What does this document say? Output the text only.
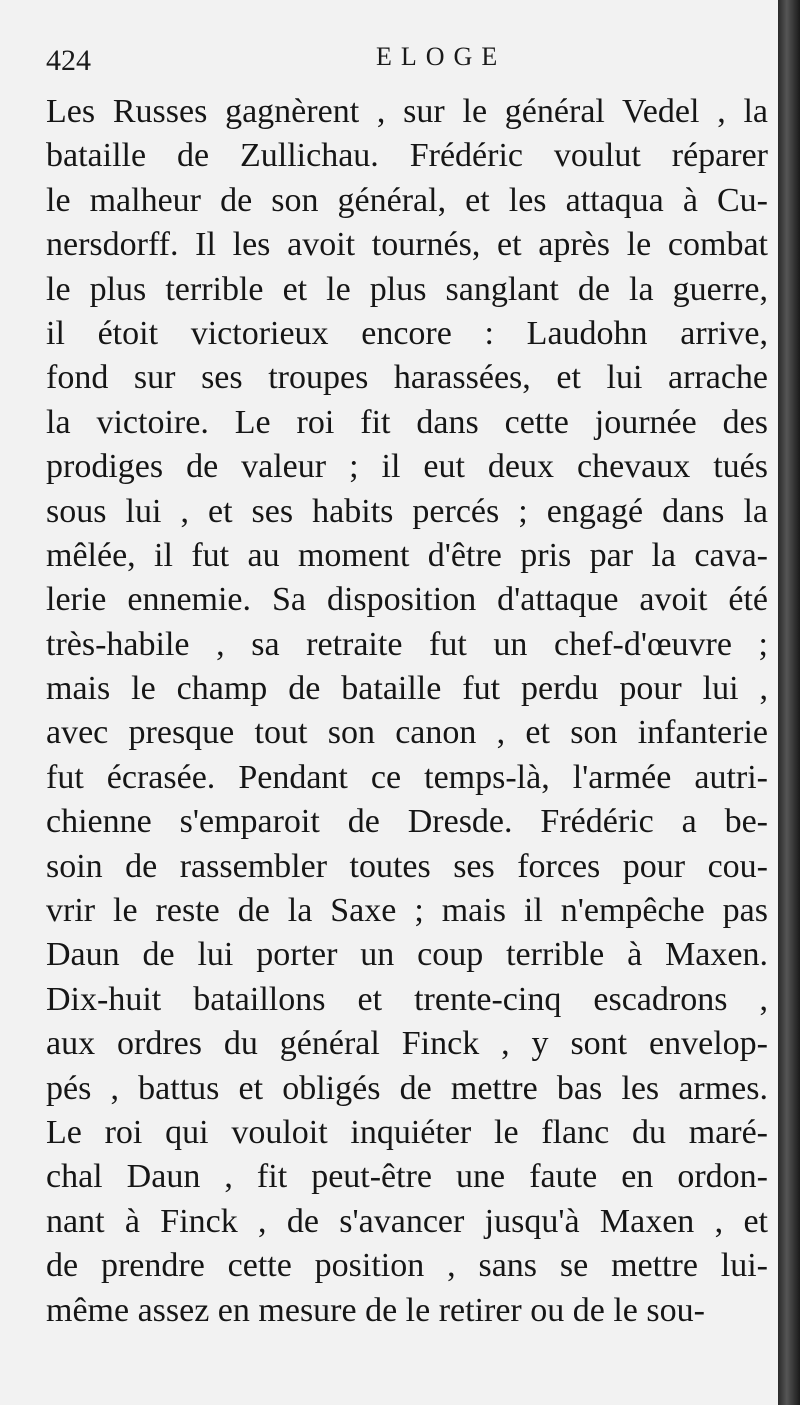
424	ELOGE
Les Russes gagnèrent , sur le général Vedel , la
bataille de Zullichau. Frédéric voulut réparer
le malheur de son général, et les attaqua à Cu-
nersdorff. Il les avoit tournés, et après le combat
le plus terrible et le plus sanglant de la guerre,
il étoit victorieux encore : Laudohn arrive,
fond sur ses troupes harassées, et lui arrache
la victoire. Le roi fit dans cette journée des
prodiges de valeur ; il eut deux chevaux tués
sous lui , et ses habits percés ; engagé dans la
mêlée, il fut au moment d'être pris par la cava-
lerie ennemie. Sa disposition d'attaque avoit été
très-habile , sa retraite fut un chef-d'œuvre ;
mais le champ de bataille fut perdu pour lui ,
avec presque tout son canon , et son infanterie
fut écrasée. Pendant ce temps-là, l'armée autri-
chienne s'emparoit de Dresde. Frédéric a be-
soin de rassembler toutes ses forces pour cou-
vrir le reste de la Saxe ; mais il n'empêche pas
Daun de lui porter un coup terrible à Maxen.
Dix-huit bataillons et trente-cinq escadrons ,
aux ordres du général Finck , y sont envelop-
pés , battus et obligés de mettre bas les armes.
Le roi qui vouloit inquiéter le flanc du maré-
chal Daun , fit peut-être une faute en ordon-
nant à Finck , de s'avancer jusqu'à Maxen , et
de prendre cette position , sans se mettre lui-
même assez en mesure de le retirer ou de le sou-
